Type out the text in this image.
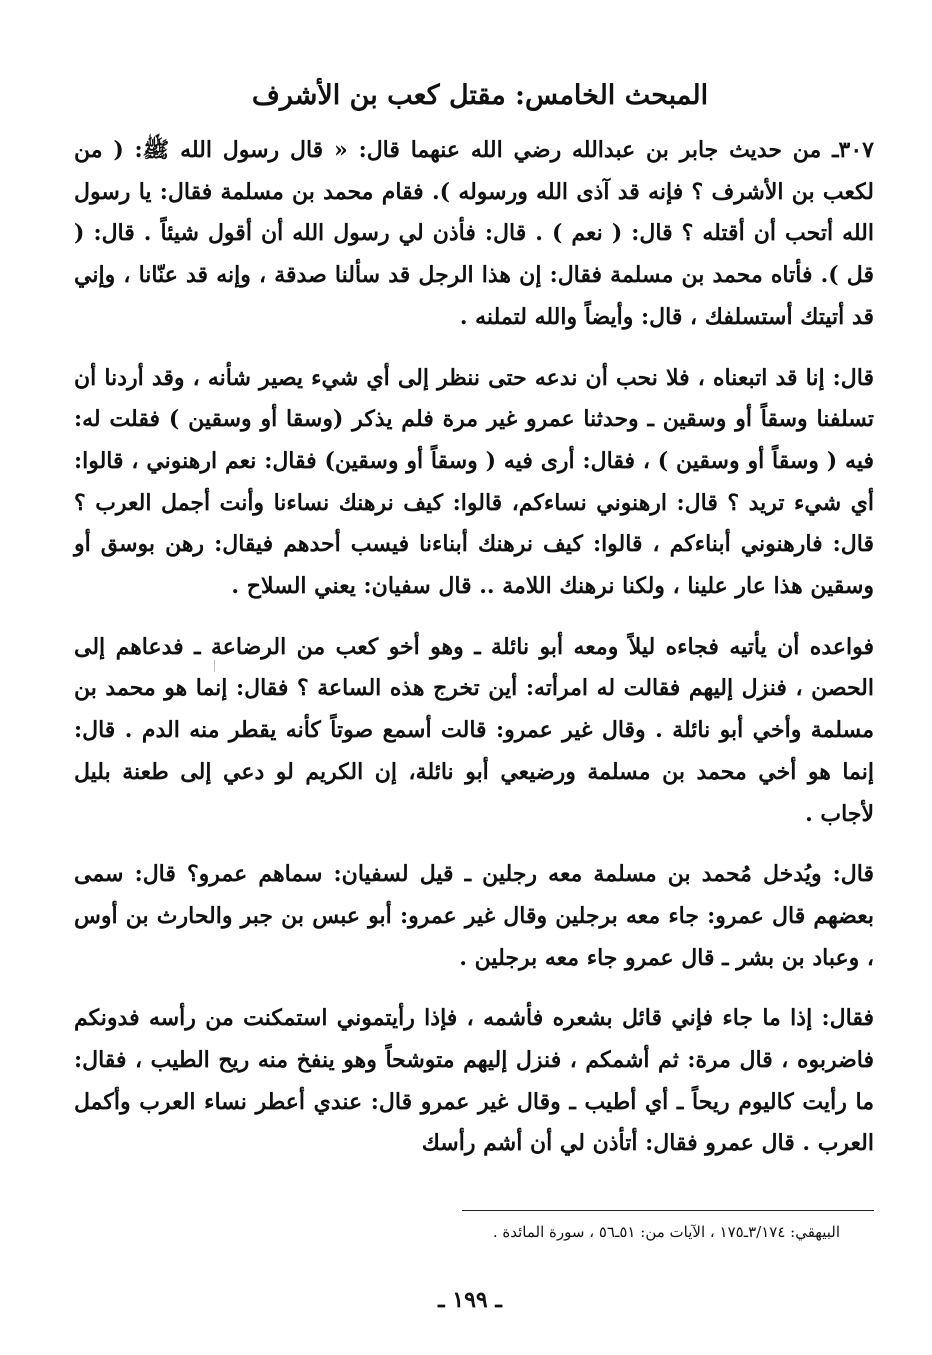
المبحث الخامس: مقتل كعب بن الأشرف

٣٠٧ـ من حديث جابر بن عبدالله رضي الله عنهما قال: « قال رسول الله ﷺ: ( من لكعب بن الأشرف ؟ فإنه قد آذى الله ورسوله ). فقام محمد بن مسلمة فقال: يا رسول الله أتحب أن أقتله ؟ قال: ( نعم ) . قال: فأذن لي رسول الله أن أقول شيئاً . قال: ( قل ). فأتاه محمد بن مسلمة فقال: إن هذا الرجل قد سألنا صدقة ، وإنه قد عنّانا ، وإني قد أتيتك أستسلفك ، قال: وأيضاً والله لتملنه .

قال: إنا قد اتبعناه ، فلا نحب أن ندعه حتى ننظر إلى أي شيء يصير شأنه ، وقد أردنا أن تسلفنا وسقاً أو وسقين ـ وحدثنا عمرو غير مرة فلم يذكر (وسقا أو وسقين ) فقلت له: فيه ( وسقاً أو وسقين ) ، فقال: أرى فيه ( وسقاً أو وسقين) فقال: نعم ارهنوني ، قالوا: أي شيء تريد ؟ قال: ارهنوني نساءكم، قالوا: كيف نرهنك نساءنا وأنت أجمل العرب ؟ قال: فارهنوني أبناءكم ، قالوا: كيف نرهنك أبناءنا فيسب أحدهم فيقال: رهن بوسق أو وسقين هذا عار علينا ، ولكنا نرهنك اللامة .. قال سفيان: يعني السلاح .

فواعده أن يأتيه فجاءه ليلاً ومعه أبو نائلة ـ وهو أخو كعب من الرضاعة ـ فدعاهم إلى الحصن ، فنزل إليهم فقالت له امرأته: أين تخرج هذه الساعة ؟ فقال: إنما هو محمد بن مسلمة وأخي أبو نائلة . وقال غير عمرو: قالت أسمع صوتاً كأنه يقطر منه الدم . قال: إنما هو أخي محمد بن مسلمة ورضيعي أبو نائلة، إن الكريم لو دعي إلى طعنة بليل لأجاب .

قال: ويُدخل مُحمد بن مسلمة معه رجلين ـ قيل لسفيان: سماهم عمرو؟ قال: سمى بعضهم قال عمرو: جاء معه برجلين وقال غير عمرو: أبو عبس بن جبر والحارث بن أوس ، وعباد بن بشر ـ قال عمرو جاء معه برجلين .

فقال: إذا ما جاء فإني قائل بشعره فأشمه ، فإذا رأيتموني استمكنت من رأسه فدونكم فاضربوه ، قال مرة: ثم أشمكم ، فنزل إليهم متوشحاً وهو ينفخ منه ريح الطيب ، فقال: ما رأيت كاليوم ريحاً ـ أي أطيب ـ وقال غير عمرو قال: عندي أعطر نساء العرب وأكمل العرب . قال عمرو فقال: أتأذن لي أن أشم رأسك

البيهقي: ٣/١٧٤ـ١٧٥ ، الآيات من: ٥١ـ٥٦ ، سورة المائدة .

ـ ١٩٩ ـ
